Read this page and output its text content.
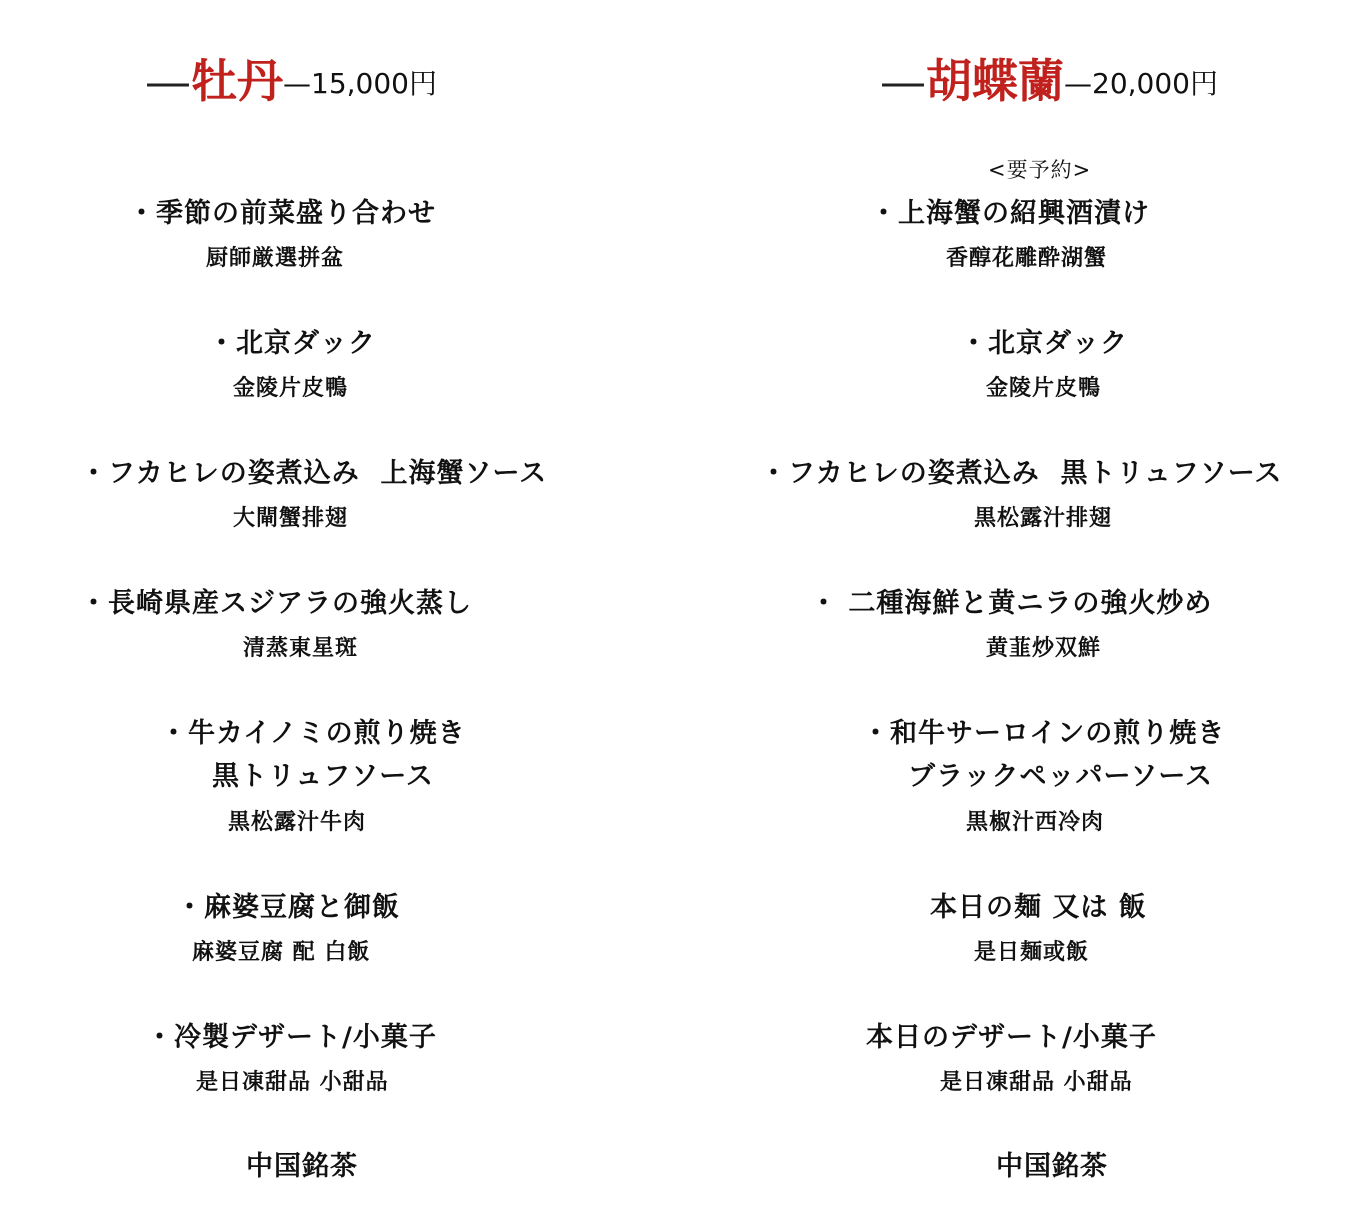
—牡丹—15,000円
・季節の前菜盛り合わせ
厨師厳選拼盆
・北京ダック
金陵片皮鴨
・フカヒレの姿煮込み  上海蟹ソース
大閘蟹排翅
・長崎県産スジアラの強火蒸し
清蒸東星斑
・牛カイノミの煎り焼き
黒トリュフソース
黒松露汁牛肉
・麻婆豆腐と御飯
麻婆豆腐 配 白飯
・冷製デザート/小菓子
是日凍甜品 小甜品
中国銘茶
—胡蝶蘭—20,000円
<要予約>
・上海蟹の紹興酒漬け
香醇花雕酔湖蟹
・北京ダック
金陵片皮鴨
・フカヒレの姿煮込み  黒トリュフソース
黒松露汁排翅
・ 二種海鮮と黄ニラの強火炒め
黄韮炒双鮮
・和牛サーロインの煎り焼き
ブラックペッパーソース
黒椒汁西冷肉
本日の麺 又は 飯
是日麺或飯
本日のデザート/小菓子
是日凍甜品 小甜品
中国銘茶
